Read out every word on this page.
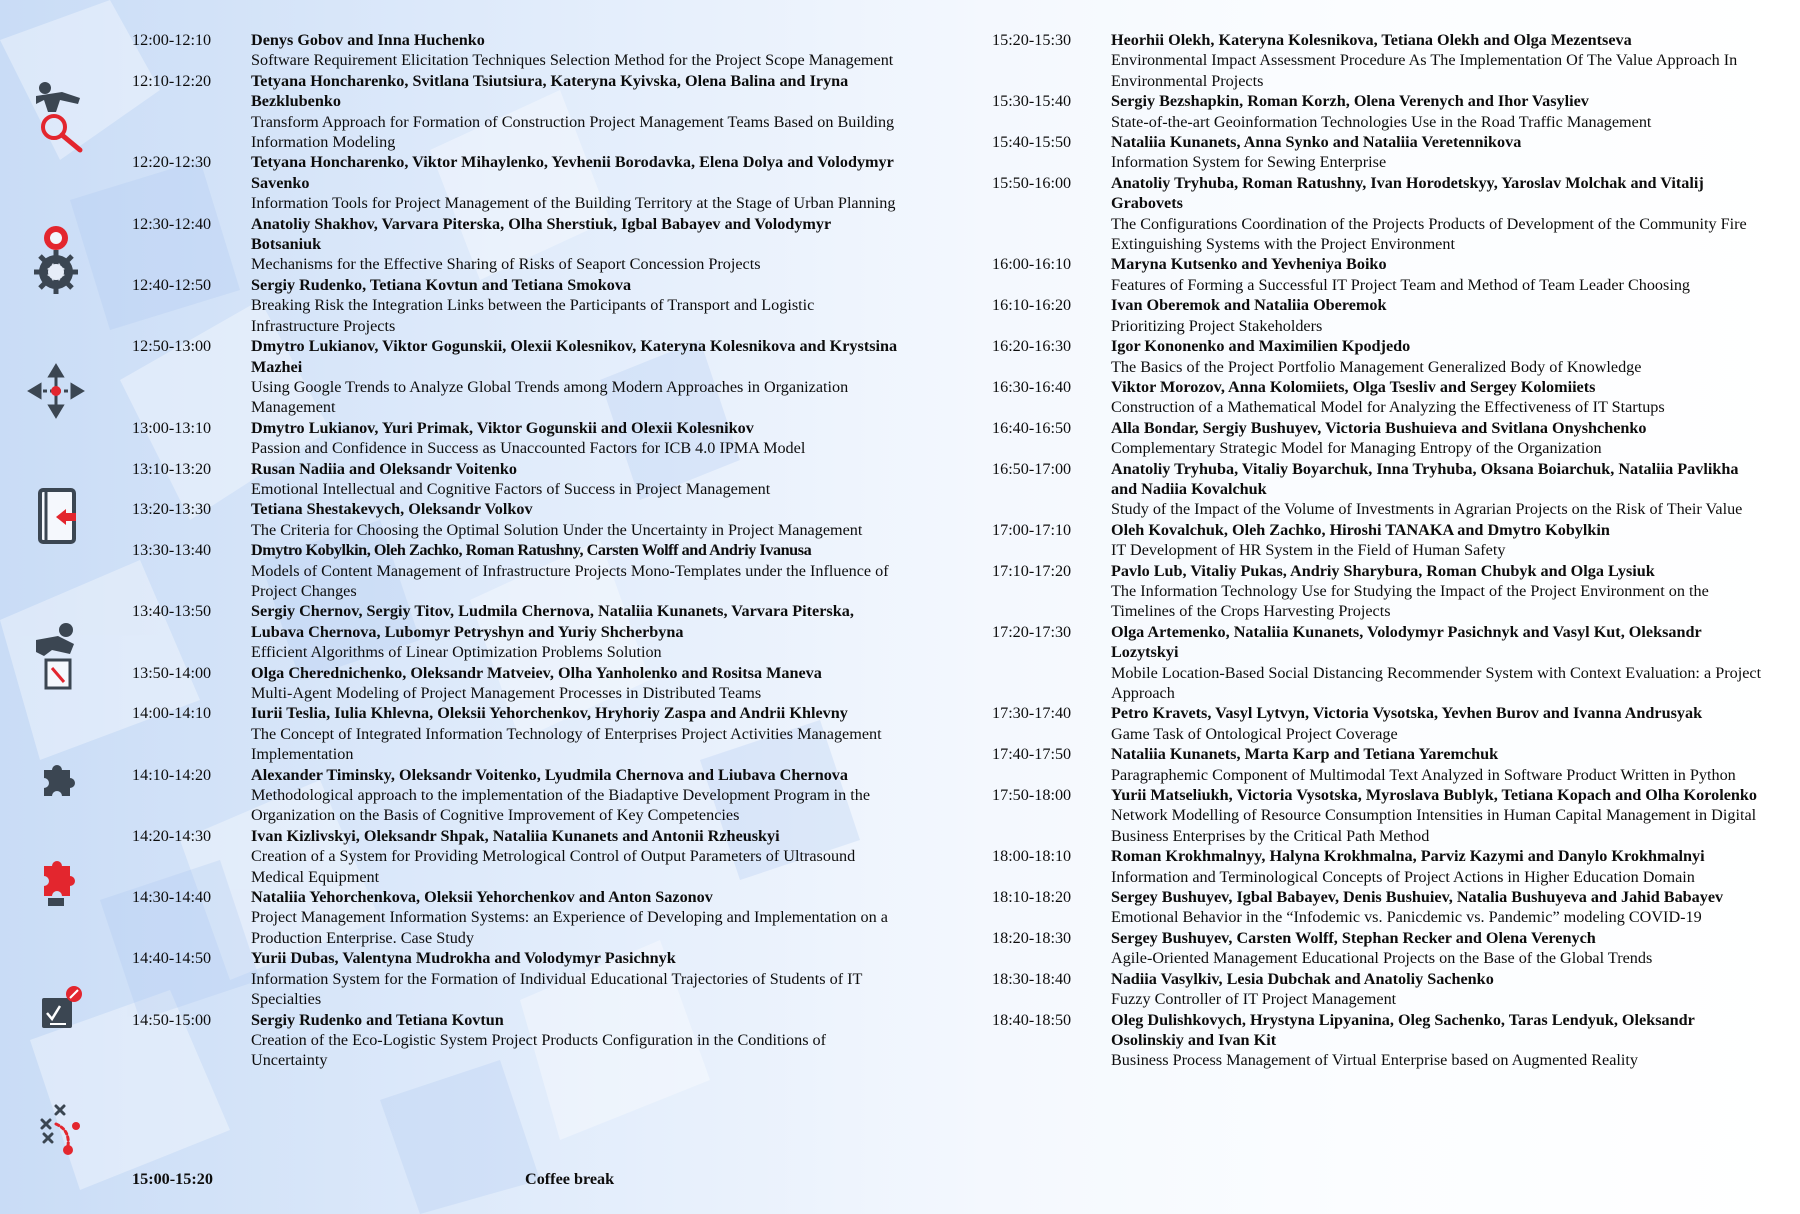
12:00-12:10 Denys Gobov and Inna Huchenko
Software Requirement Elicitation Techniques Selection Method for the Project Scope Management
12:10-12:20 Tetyana Honcharenko, Svitlana Tsiutsiura, Kateryna Kyivska, Olena Balina and Iryna Bezklubenko
Transform Approach for Formation of Construction Project Management Teams Based on Building Information Modeling
12:20-12:30 Tetyana Honcharenko, Viktor Mihaylenko, Yevhenii Borodavka, Elena Dolya and Volodymyr Savenko
Information Tools for Project Management of the Building Territory at the Stage of Urban Planning
12:30-12:40 Anatoliy Shakhov, Varvara Piterska, Olha Sherstiuk, Igbal Babayev and Volodymyr Botsaniuk
Mechanisms for the Effective Sharing of Risks of Seaport Concession Projects
12:40-12:50 Sergiy Rudenko, Tetiana Kovtun and Tetiana Smokova
Breaking Risk the Integration Links between the Participants of Transport and Logistic Infrastructure Projects
12:50-13:00 Dmytro Lukianov, Viktor Gogunskii, Olexii Kolesnikov, Kateryna Kolesnikova and Krystsina Mazhei
Using Google Trends to Analyze Global Trends among Modern Approaches in Organization Management
13:00-13:10 Dmytro Lukianov, Yuri Primak, Viktor Gogunskii and Olexii Kolesnikov
Passion and Confidence in Success as Unaccounted Factors for ICB 4.0 IPMA Model
13:10-13:20 Rusan Nadiia and Oleksandr Voitenko
Emotional Intellectual and Cognitive Factors of Success in Project Management
13:20-13:30 Tetiana Shestakevych, Oleksandr Volkov
The Criteria for Choosing the Optimal Solution Under the Uncertainty in Project Management
13:30-13:40 Dmytro Kobylkin, Oleh Zachko, Roman Ratushny, Carsten Wolff and Andriy Ivanusa
Models of Content Management of Infrastructure Projects Mono-Templates under the Influence of Project Changes
13:40-13:50 Sergiy Chernov, Sergiy Titov, Ludmila Chernova, Nataliia Kunanets, Varvara Piterska, Lubava Chernova, Lubomyr Petryshyn and Yuriy Shcherbyna
Efficient Algorithms of Linear Optimization Problems Solution
13:50-14:00 Olga Cherednichenko, Oleksandr Matveiev, Olha Yanholenko and Rositsa Maneva
Multi-Agent Modeling of Project Management Processes in Distributed Teams
14:00-14:10 Iurii Teslia, Iulia Khlevna, Oleksii Yehorchenkov, Hryhoriy Zaspa and Andrii Khlevny
The Concept of Integrated Information Technology of Enterprises Project Activities Management Implementation
14:10-14:20 Alexander Timinsky, Oleksandr Voitenko, Lyudmila Chernova and Liubava Chernova
Methodological approach to the implementation of the Biadaptive Development Program in the Organization on the Basis of Cognitive Improvement of Key Competencies
14:20-14:30 Ivan Kizlivskyi, Oleksandr Shpak, Nataliia Kunanets and Antonii Rzheuskyi
Creation of a System for Providing Metrological Control of Output Parameters of Ultrasound Medical Equipment
14:30-14:40 Nataliia Yehorchenkova, Oleksii Yehorchenkov and Anton Sazonov
Project Management Information Systems: an Experience of Developing and Implementation on a Production Enterprise. Case Study
14:40-14:50 Yurii Dubas, Valentyna Mudrokha and Volodymyr Pasichnyk
Information System for the Formation of Individual Educational Trajectories of Students of IT Specialties
14:50-15:00 Sergiy Rudenko and Tetiana Kovtun
Creation of the Eco-Logistic System Project Products Configuration in the Conditions of Uncertainty
15:00-15:20	Coffee break
15:20-15:30 Heorhii Olekh, Kateryna Kolesnikova, Tetiana Olekh and Olga Mezentseva
Environmental Impact Assessment Procedure As The Implementation Of The Value Approach In Environmental Projects
15:30-15:40 Sergiy Bezshapkin, Roman Korzh, Olena Verenych and Ihor Vasyliev
State-of-the-art Geoinformation Technologies Use in the Road Traffic Management
15:40-15:50 Nataliia Kunanets, Anna Synko and Nataliia Veretennikova
Information System for Sewing Enterprise
15:50-16:00 Anatoliy Tryhuba, Roman Ratushny, Ivan Horodetskyy, Yaroslav Molchak and Vitalij Grabovets
The Configurations Coordination of the Projects Products of Development of the Community Fire Extinguishing Systems with the Project Environment
16:00-16:10 Maryna Kutsenko and Yevheniya Boiko
Features of Forming a Successful IT Project Team and Method of Team Leader Choosing
16:10-16:20 Ivan Oberemok and Nataliia Oberemok
Prioritizing Project Stakeholders
16:20-16:30 Igor Kononenko and Maximilien Kpodjedo
The Basics of the Project Portfolio Management Generalized Body of Knowledge
16:30-16:40 Viktor Morozov, Anna Kolomiiets, Olga Tsesliv and Sergey Kolomiiets
Construction of a Mathematical Model for Analyzing the Effectiveness of IT Startups
16:40-16:50 Alla Bondar, Sergiy Bushuyev, Victoria Bushuieva and Svitlana Onyshchenko
Complementary Strategic Model for Managing Entropy of the Organization
16:50-17:00 Anatoliy Tryhuba, Vitaliy Boyarchuk, Inna Tryhuba, Oksana Boiarchuk, Nataliia Pavlikha and Nadiia Kovalchuk
Study of the Impact of the Volume of Investments in Agrarian Projects on the Risk of Their Value
17:00-17:10 Oleh Kovalchuk, Oleh Zachko, Hiroshi TANAKA and Dmytro Kobylkin
IT Development of HR System in the Field of Human Safety
17:10-17:20 Pavlo Lub, Vitaliy Pukas, Andriy Sharybura, Roman Chubyk and Olga Lysiuk
The Information Technology Use for Studying the Impact of the Project Environment on the Timelines of the Crops Harvesting Projects
17:20-17:30 Olga Artemenko, Nataliia Kunanets, Volodymyr Pasichnyk and Vasyl Kut, Oleksandr Lozytskyi
Mobile Location-Based Social Distancing Recommender System with Context Evaluation: a Project Approach
17:30-17:40 Petro Kravets, Vasyl Lytvyn, Victoria Vysotska, Yevhen Burov and Ivanna Andrusyak
Game Task of Ontological Project Coverage
17:40-17:50 Nataliia Kunanets, Marta Karp and Tetiana Yaremchuk
Paragraphemic Component of Multimodal Text Analyzed in Software Product Written in Python
17:50-18:00 Yurii Matseliukh, Victoria Vysotska, Myroslava Bublyk, Tetiana Kopach and Olha Korolenko
Network Modelling of Resource Consumption Intensities in Human Capital Management in Digital Business Enterprises by the Critical Path Method
18:00-18:10 Roman Krokhmalnyy, Halyna Krokhmalna, Parviz Kazymi and Danylo Krokhmalnyi
Information and Terminological Concepts of Project Actions in Higher Education Domain
18:10-18:20 Sergey Bushuyev, Igbal Babayev, Denis Bushuiev, Natalia Bushuyeva and Jahid Babayev
Emotional Behavior in the “Infodemic vs. Panicdemic vs. Pandemic” modeling COVID-19
18:20-18:30 Sergey Bushuyev, Carsten Wolff, Stephan Recker and Olena Verenych
Agile-Oriented Management Educational Projects on the Base of the Global Trends
18:30-18:40 Nadiia Vasylkiv, Lesia Dubchak and Anatoliy Sachenko
Fuzzy Controller of IT Project Management
18:40-18:50 Oleg Dulishkovych, Hrystyna Lipyanina, Oleg Sachenko, Taras Lendyuk, Oleksandr Osolinskiy and Ivan Kit
Business Process Management of Virtual Enterprise based on Augmented Reality
